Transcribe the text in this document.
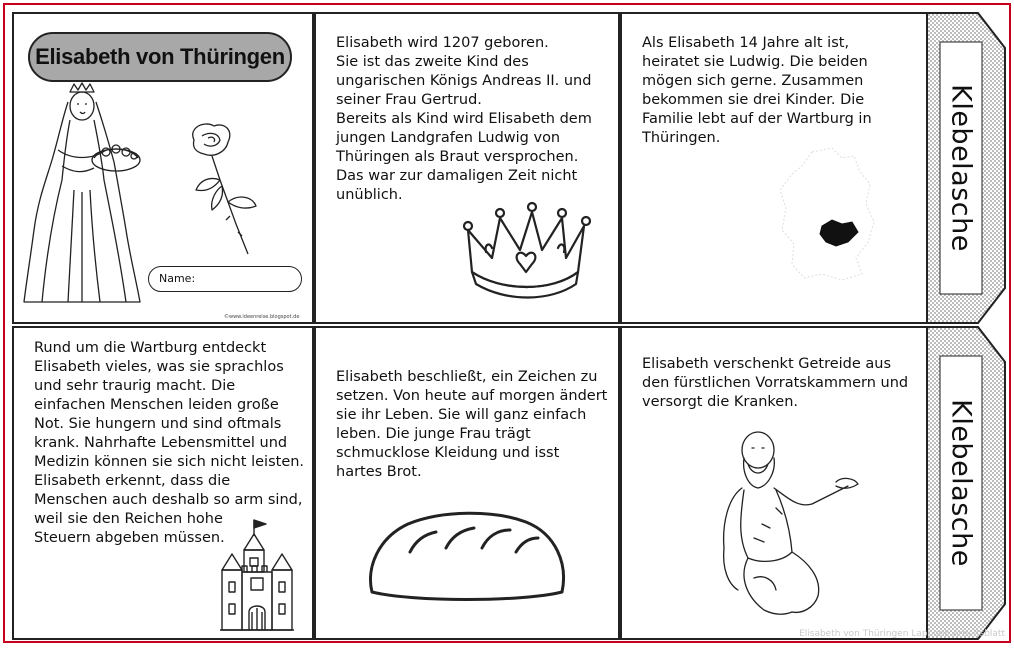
Elisabeth von Thüringen
Name:
©www.ideenreise.blogspot.de
Elisabeth wird 1207 geboren.
Sie ist das zweite Kind des
ungarischen Königs Andreas II. und
seiner Frau Gertrud.
Bereits als Kind wird Elisabeth dem
jungen Landgrafen Ludwig von
Thüringen als Braut versprochen.
Das war zur damaligen Zeit nicht
unüblich.
Als Elisabeth 14 Jahre alt ist,
heiratet sie Ludwig. Die beiden
mögen sich gerne. Zusammen
bekommen sie drei Kinder. Die
Familie lebt auf der Wartburg in
Thüringen.	Klebelasche
Rund um die Wartburg entdeckt
Elisabeth vieles, was sie sprachlos
und sehr traurig macht. Die
einfachen Menschen leiden große
Not. Sie hungern und sind oftmals
krank. Nahrhafte Lebensmittel und
Medizin können sie sich nicht leisten.
Elisabeth erkennt, dass die
Menschen auch deshalb so arm sind,
weil sie den Reichen hohe
Steuern abgeben müssen.
Elisabeth beschließt, ein Zeichen zu
setzen. Von heute auf morgen ändert
sie ihr Leben. Sie will ganz einfach
leben. Die junge Frau trägt
schmucklose Kleidung und isst
hartes Brot.
Elisabeth verschenkt Getreide aus
den fürstlichen Vorratskammern und
versorgt die Kranken.	Klebelasche
Elisabeth von Thüringen Lapbook Arbeitsblatt
